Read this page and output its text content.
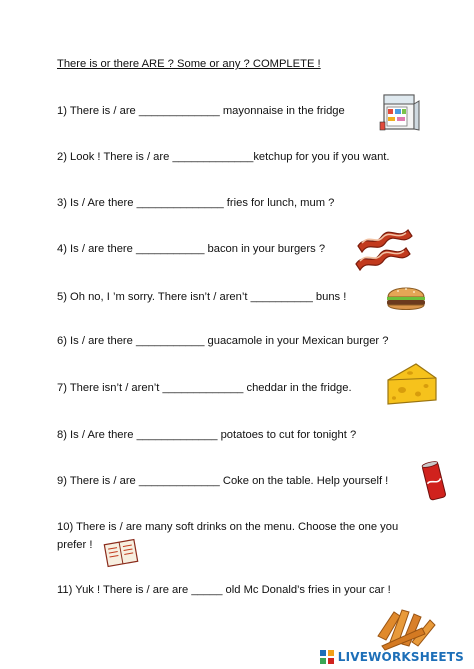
There is or there ARE ? Some or any ? COMPLETE !
1) There is / are _____________ mayonnaise in the fridge
2) Look ! There is / are _____________ketchup for you if you want.
3) Is / Are there ______________ fries for lunch, mum ?
4) Is / are there ___________ bacon in your burgers ?
5) Oh no, I ’m sorry. There isn’t / aren’t __________ buns !
6) Is / are there ___________ guacamole in your Mexican burger ?
7) There isn’t / aren’t _____________ cheddar in the fridge.
8) Is / Are there _____________ potatoes to cut for tonight ?
9) There is / are _____________ Coke on the table. Help yourself !
10) There is / are many soft drinks on the menu. Choose the one you
prefer !
11) Yuk ! There is / are are _____ old Mc Donald’s fries in your car !
LIVEWORKSHEETS
